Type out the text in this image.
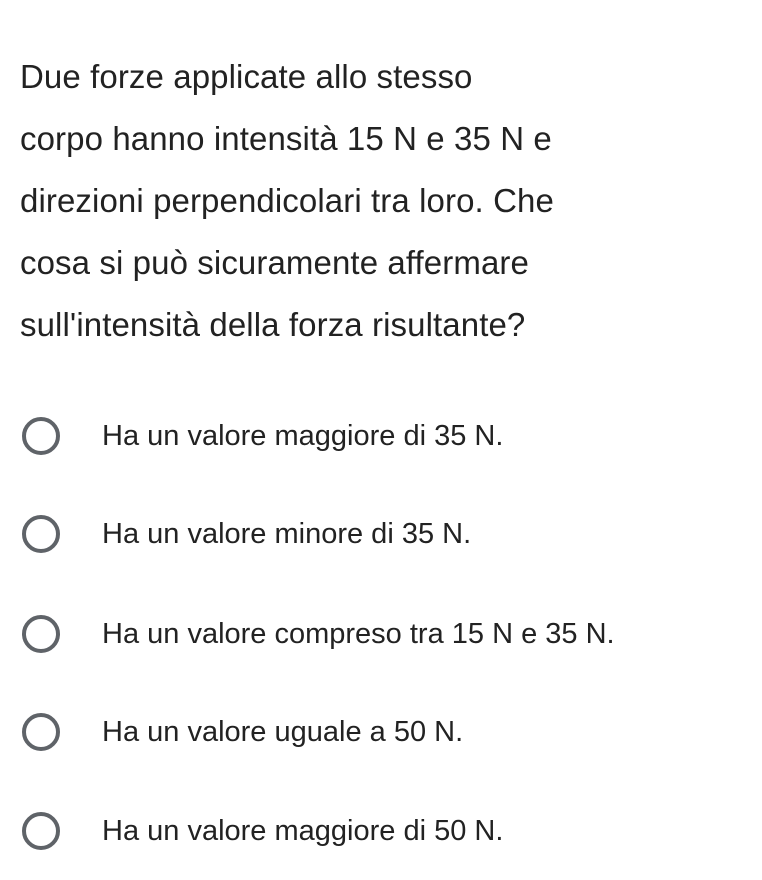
Due forze applicate allo stesso
corpo hanno intensità 15 N e 35 N e
direzioni perpendicolari tra loro. Che
cosa si può sicuramente affermare
sull'intensità della forza risultante?
Ha un valore maggiore di 35 N.
Ha un valore minore di 35 N.
Ha un valore compreso tra 15 N e 35 N.
Ha un valore uguale a 50 N.
Ha un valore maggiore di 50 N.
